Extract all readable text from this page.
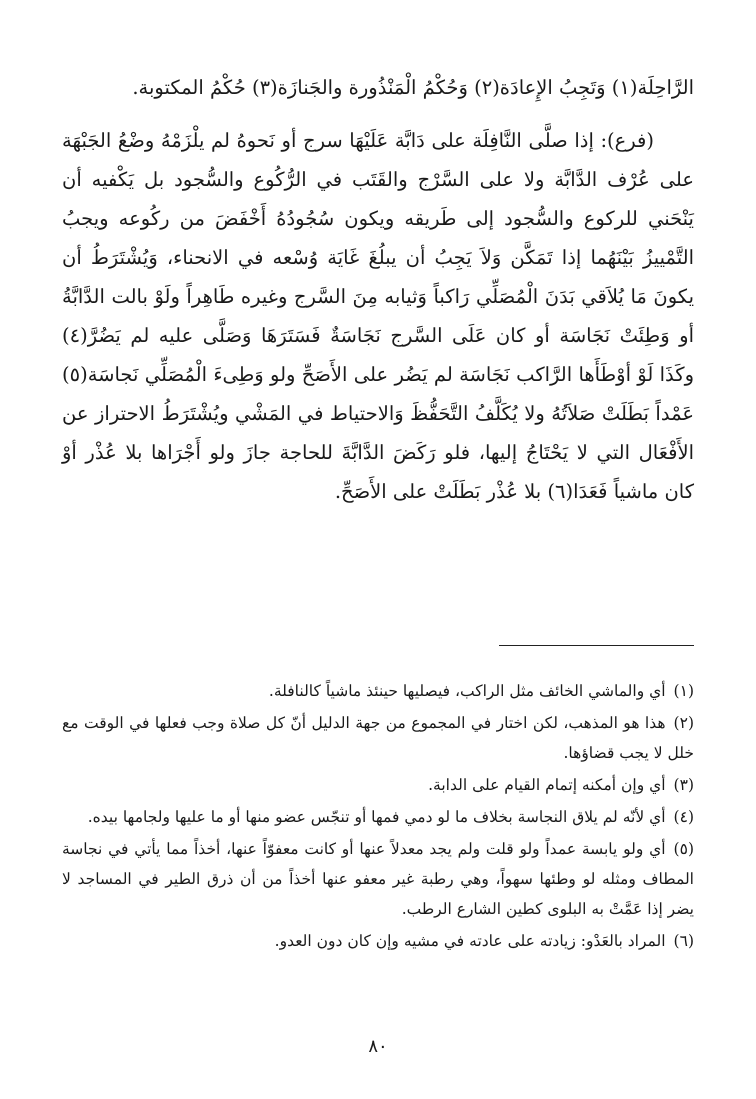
الرَّاحِلَة(١) وَتَجِبُ الإِعادَة(٢) وَحُكْمُ الْمَنْذُورة والجَنازَة(٣) حُكْمُ المكتوبة.

(فرع): إذا صلَّى النَّافِلَة على دَابَّة عَلَيْهَا سرج أو نَحوهُ لم يلْزَمْهُ وضْعُ الجَبْهَة على عُرْف الدَّابَّة ولا على السَّرْج والقَتَب في الرُّكُوع والسُّجود بل يَكْفيه أن يَنْحَني للركوع والسُّجود إلى طَريقه ويكون سُجُودُهُ أَخْفَضَ من ركُوعه ويجبُ التَّمْييزُ بَيْنَهُما إذا تَمَكَّن وَلاَ يَجِبُ أن يبلُغَ غَايَة وُسْعه في الانحناء، وَيُشْتَرَطُ أن يكونَ مَا يُلاَقي بَدَنَ الْمُصَلِّي رَاكباً وَثيابه مِنَ السَّرج وغيره طَاهِراً ولَوْ بالت الدَّابَّةُ أو وَطِئَتْ نَجَاسَة أو كان عَلَى السَّرج نَجَاسَةٌ فَسَتَرَهَا وَصَلَّى عليه لم يَضُرَّ(٤) وكَذَا لَوْ أوْطَأَها الرَّاكب نَجَاسَة لم يَضُر على الأَصَحِّ ولو وَطِىءَ الْمُصَلِّي نَجاسَة(٥) عَمْداً بَطَلَتْ صَلاَتُهُ ولا يُكَلَّفُ التَّحَفُّظَ وَالاحتياط في المَشْي ويُشْتَرَطُ الاحتراز عن الأَفْعَال التي لا يَحْتَاجُ إليها، فلو رَكَضَ الدَّابَّةَ للحاجة جازَ ولو أَجْرَاها بلا عُذْر أوْ كان ماشياً فَعَدَا(٦) بلا عُذْر بَطَلَتْ على الأَصَحِّ.

(١)أي والماشي الخائف مثل الراكب، فيصليها حينئذ ماشياً كالنافلة.

(٢)هذا هو المذهب، لكن اختار في المجموع من جهة الدليل أنّ كل صلاة وجب فعلها في الوقت مع خلل لا يجب قضاؤها.

(٣)أي وإن أمكنه إتمام القيام على الدابة.

(٤)أي لأنّه لم يلاق النجاسة بخلاف ما لو دمي فمها أو تنجّس عضو منها أو ما عليها ولجامها بيده.

(٥)أي ولو يابسة عمداً ولو قلت ولم يجد معدلاً عنها أو كانت معفوّاً عنها، أخذاً مما يأتي في نجاسة المطاف ومثله لو وطئها سهواً، وهي رطبة غير معفو عنها أخذاً من أن ذرق الطير في المساجد لا يضر إذا عَمَّتْ به البلوى كطين الشارع الرطب.

(٦)المراد بالعَدْو: زيادته على عادته في مشيه وإن كان دون العدو.

٨٠
